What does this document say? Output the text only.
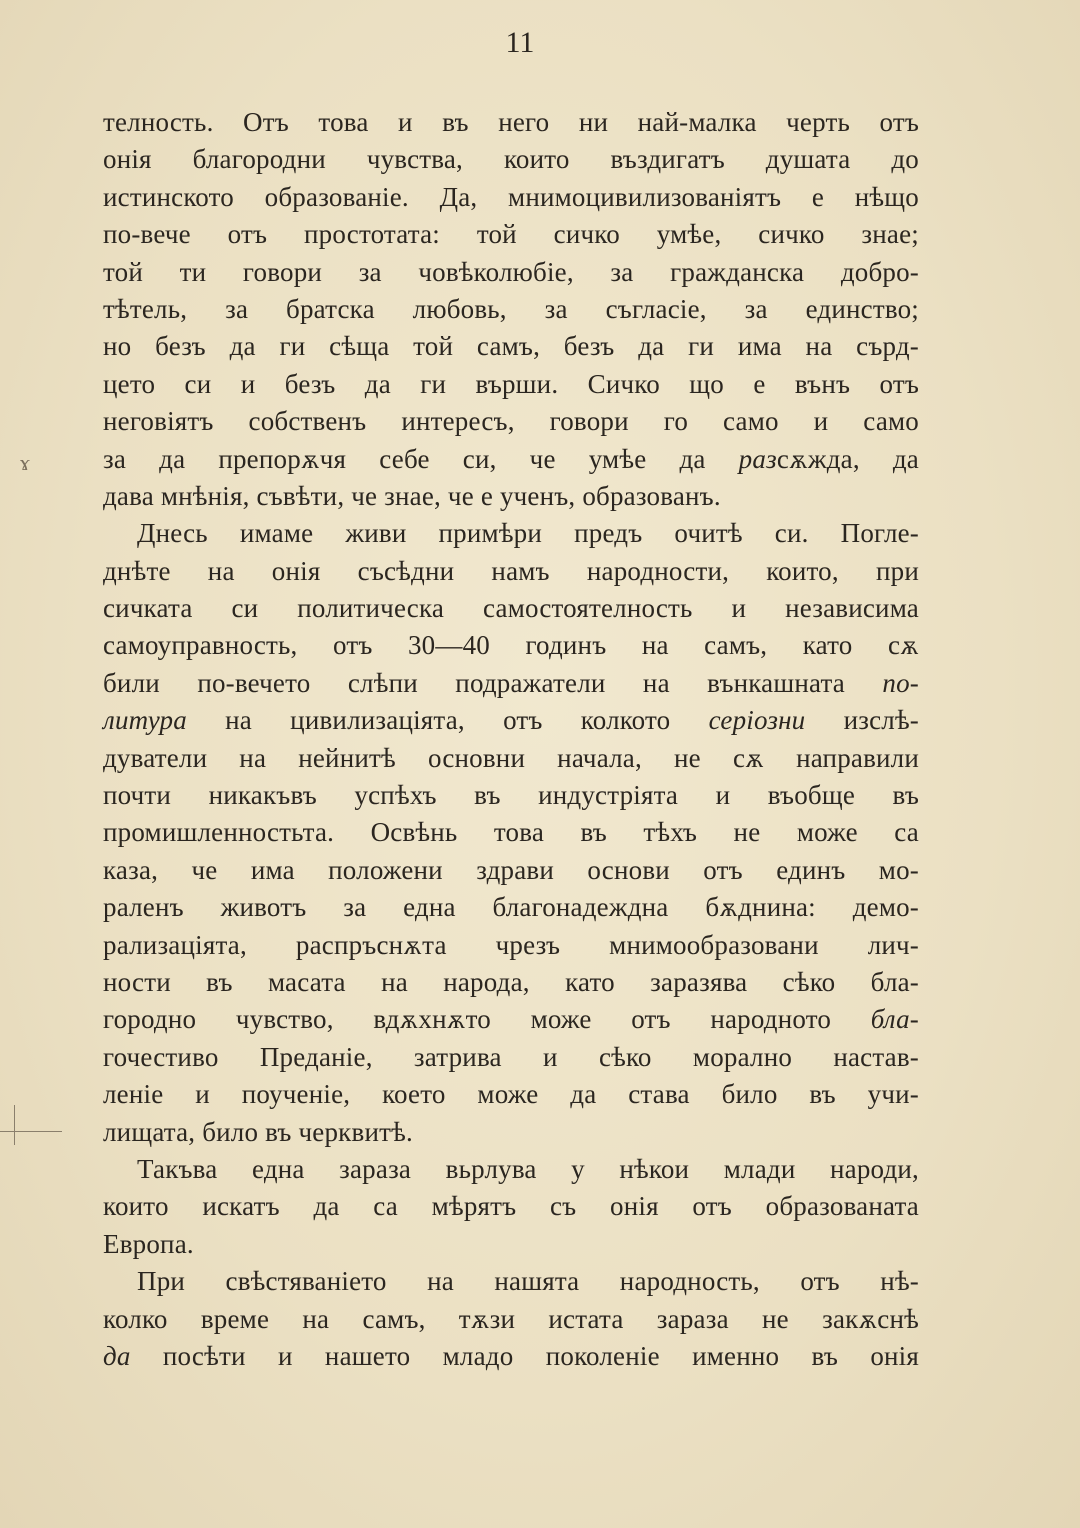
11
ɤ
телность. Отъ това и въ него ни най-малка черть отъ
онія благородни чувства, които въздигатъ душата до
истинското образованіе. Да, мнимоцивилизованіятъ е нѣщо
по-вече отъ простотата: той сичко умѣе, сичко знае;
той ти говори за човѣколюбіе, за гражданска добро-
тѣтель, за братска любовь, за съгласіе, за единство;
но безъ да ги сѣща той самъ, безъ да ги има на сърд-
цето си и безъ да ги върши. Сичко що е вънъ отъ
неговіятъ собственъ интересъ, говори го само и само
за да препорѫчя себе си, че умѣе да разсѫжда, да
дава мнѣнія, съвѣти, че знае, че е ученъ, образованъ.
Днесь имаме живи примѣри предъ очитѣ си. Погле-
днѣте на онія съсѣдни намъ народности, които, при
сичката си политическа самостоятелность и независима
самоуправность, отъ 30—40 годинъ на самъ, като сѫ
били по-вечето слѣпи подражатели на вънкашната по-
литура на цивилизаціята, отъ колкото серіозни изслѣ-
дуватели на нейнитѣ основни начала, не сѫ направили
почти никакъвъ успѣхъ въ индустріята и въобще въ
промишленностьта. Освѣнь това въ тѣхъ не може са
каза, че има положени здрави основи отъ единъ мо-
раленъ животъ за една благонадеждна бѫднина: демо-
рализаціята, распръснѫта чрезъ мнимообразовани лич-
ности въ масата на народа, като заразява сѣко бла-
городно чувство, вдѫхнѫто може отъ народното бла-
гочестиво Преданіе, затрива и сѣко морално настав-
леніе и поученіе, което може да става било въ учи-
лищата, било въ черквитѣ.
Такъва една зараза вьрлува у нѣкои млади народи,
които искатъ да са мѣрятъ съ онія отъ образованата
Европа.
При свѣстяваніето на нашята народность, отъ нѣ-
колко време на самъ, тѫзи истата зараза не закѫснѣ
да посѣти и нашето младо поколеніе именно въ онія
